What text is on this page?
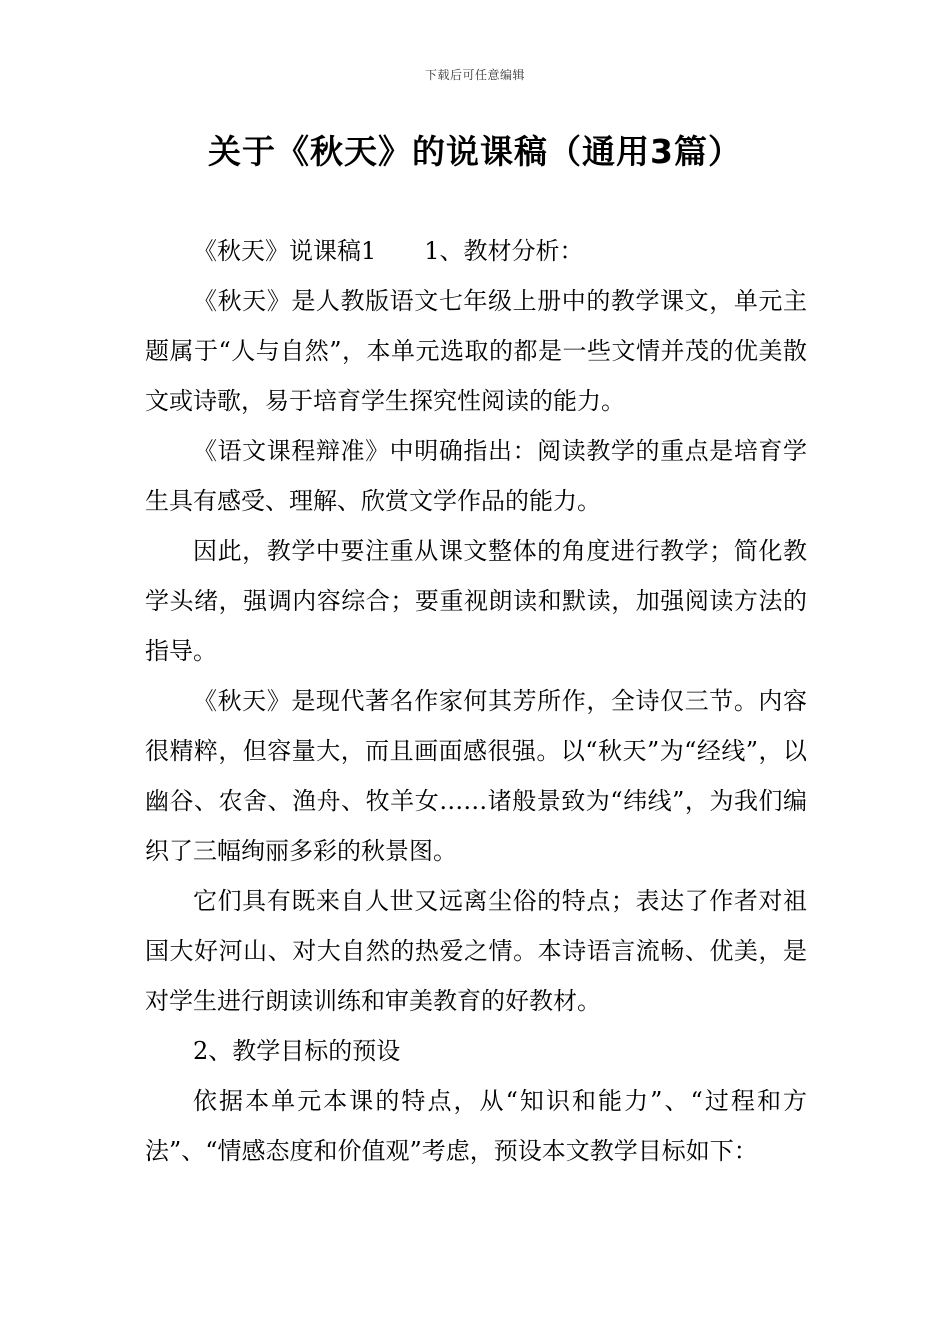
下载后可任意编辑
关于《秋天》的说课稿（通用3篇）

《秋天》说课稿1 1、教材分析：

《秋天》是人教版语文七年级上册中的教学课文，单元主题属于“人与自然”，本单元选取的都是一些文情并茂的优美散文或诗歌，易于培育学生探究性阅读的能力。

《语文课程辩准》中明确指出：阅读教学的重点是培育学生具有感受、理解、欣赏文学作品的能力。

因此，教学中要注重从课文整体的角度进行教学；简化教学头绪，强调内容综合；要重视朗读和默读，加强阅读方法的指导。

《秋天》是现代著名作家何其芳所作，全诗仅三节。内容很精粹，但容量大，而且画面感很强。以“秋天”为“经线”，以幽谷、农舍、渔舟、牧羊女……诸般景致为“纬线”，为我们编织了三幅绚丽多彩的秋景图。

它们具有既来自人世又远离尘俗的特点；表达了作者对祖国大好河山、对大自然的热爱之情。本诗语言流畅、优美，是对学生进行朗读训练和审美教育的好教材。

2、教学目标的预设

依据本单元本课的特点，从“知识和能力”、“过程和方法”、“情感态度和价值观”考虑，预设本文教学目标如下：
